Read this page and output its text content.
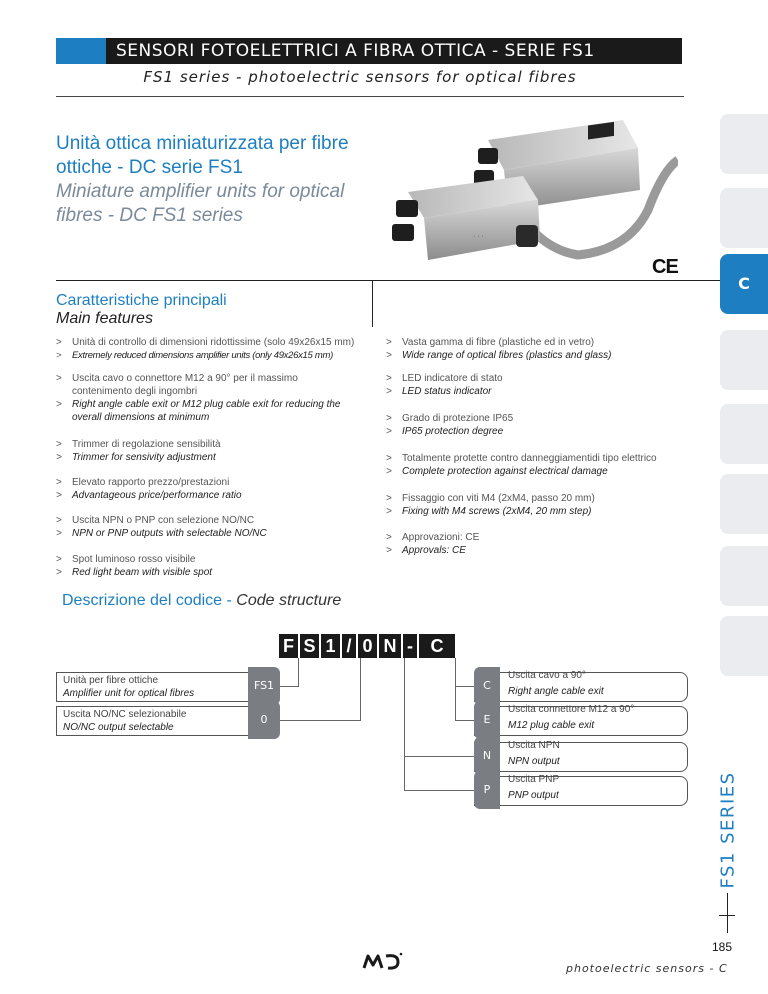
SENSORI FOTOELETTRICI A FIBRA OTTICA - SERIE FS1
FS1 series - photoelectric sensors for optical fibres
C
FS1 SERIES
Unità ottica miniaturizzata per fibre ottiche - DC serie FS1
Miniature amplifier units for optical fibres - DC FS1 series
· · ·
CE
Caratteristiche principali
Main features
> Unità di controllo di dimensioni ridottissime (solo 49x26x15 mm)
> Extremely reduced dimensions amplifier units (only 49x26x15 mm)
> Uscita cavo o connettore M12 a 90° per il massimo contenimento degli ingombri
> Right angle cable exit or M12 plug cable exit for reducing the overall dimensions at minimum
> Trimmer di regolazione sensibilità
> Trimmer for sensivity adjustment
> Elevato rapporto prezzo/prestazioni
> Advantageous price/performance ratio
> Uscita NPN o PNP con selezione NO/NC
> NPN or PNP outputs with selectable NO/NC
> Spot luminoso rosso visibile
> Red light beam with visible spot
> Vasta gamma di fibre (plastiche ed in vetro)
> Wide range of optical fibres (plastics and glass)
> LED indicatore di stato
> LED status indicator
> Grado di protezione IP65
> IP65 protection degree
> Totalmente protette contro danneggiamentidi tipo elettrico
> Complete protection against electrical damage
> Fissaggio con viti M4 (2xM4, passo 20 mm)
> Fixing with M4 screws (2xM4, 20 mm step)
> Approvazioni: CE
> Approvals: CE
Descrizione del codice - Code structure
F S 1 / 0 N - C
Unità per fibre ottiche
Amplifier unit for optical fibres
FS1
Uscita NO/NC selezionabile
NO/NC output selectable
0
Uscita cavo a 90°
Right angle cable exit
C
Uscita connettore M12 a 90°
M12 plug cable exit
E
Uscita NPN
NPN output
N
Uscita PNP
PNP output
P
185
photoelectric sensors - C
